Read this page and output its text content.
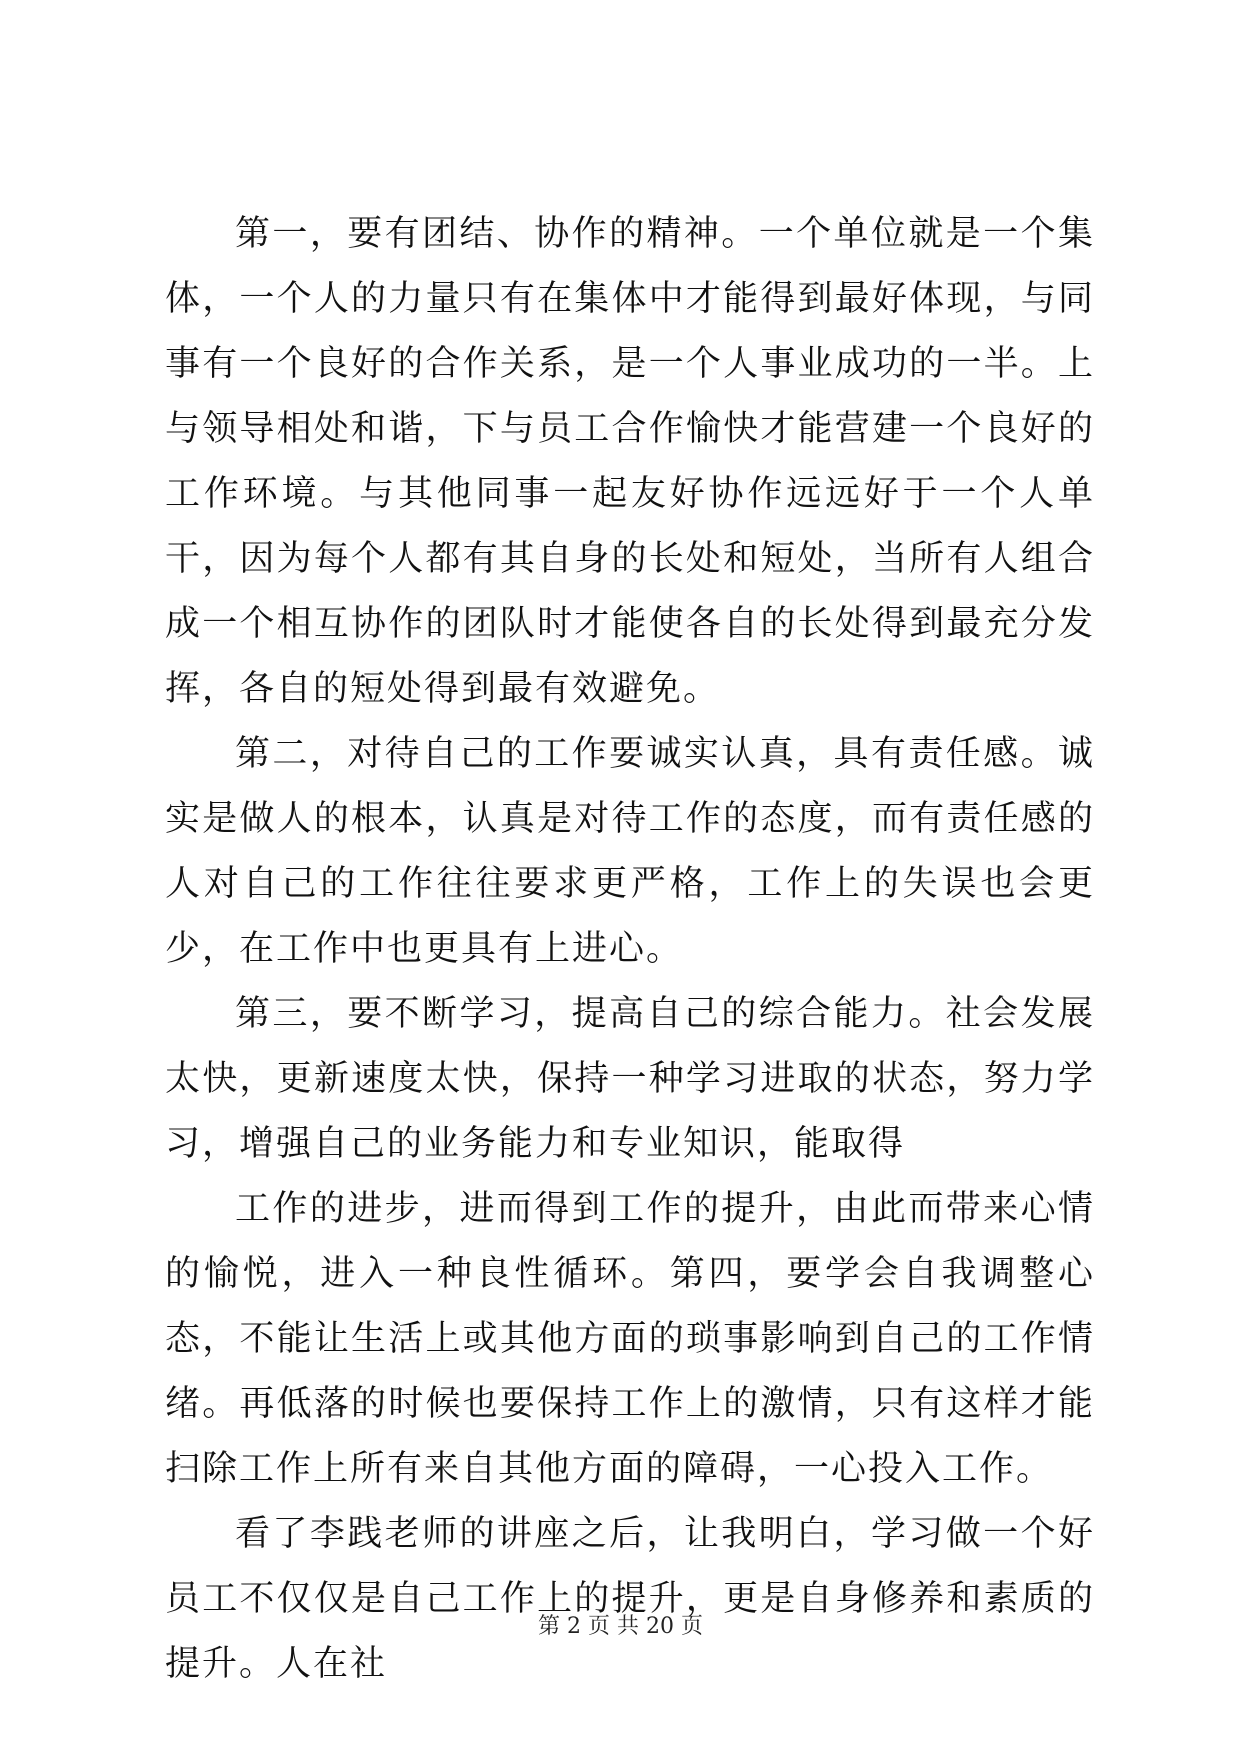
第一，要有团结、协作的精神。一个单位就是一个集体，一个人的力量只有在集体中才能得到最好体现，与同事有一个良好的合作关系，是一个人事业成功的一半。上与领导相处和谐，下与员工合作愉快才能营建一个良好的工作环境。与其他同事一起友好协作远远好于一个人单干，因为每个人都有其自身的长处和短处，当所有人组合成一个相互协作的团队时才能使各自的长处得到最充分发挥，各自的短处得到最有效避免。

第二，对待自己的工作要诚实认真，具有责任感。诚实是做人的根本，认真是对待工作的态度，而有责任感的人对自己的工作往往要求更严格，工作上的失误也会更少，在工作中也更具有上进心。

第三，要不断学习，提高自己的综合能力。社会发展太快，更新速度太快，保持一种学习进取的状态，努力学习，增强自己的业务能力和专业知识，能取得

工作的进步，进而得到工作的提升，由此而带来心情的愉悦，进入一种良性循环。第四，要学会自我调整心态，不能让生活上或其他方面的琐事影响到自己的工作情绪。再低落的时候也要保持工作上的激情，只有这样才能扫除工作上所有来自其他方面的障碍，一心投入工作。

看了李践老师的讲座之后，让我明白，学习做一个好员工不仅仅是自己工作上的提升，更是自身修养和素质的提升。人在社

第 2 页 共 20 页
